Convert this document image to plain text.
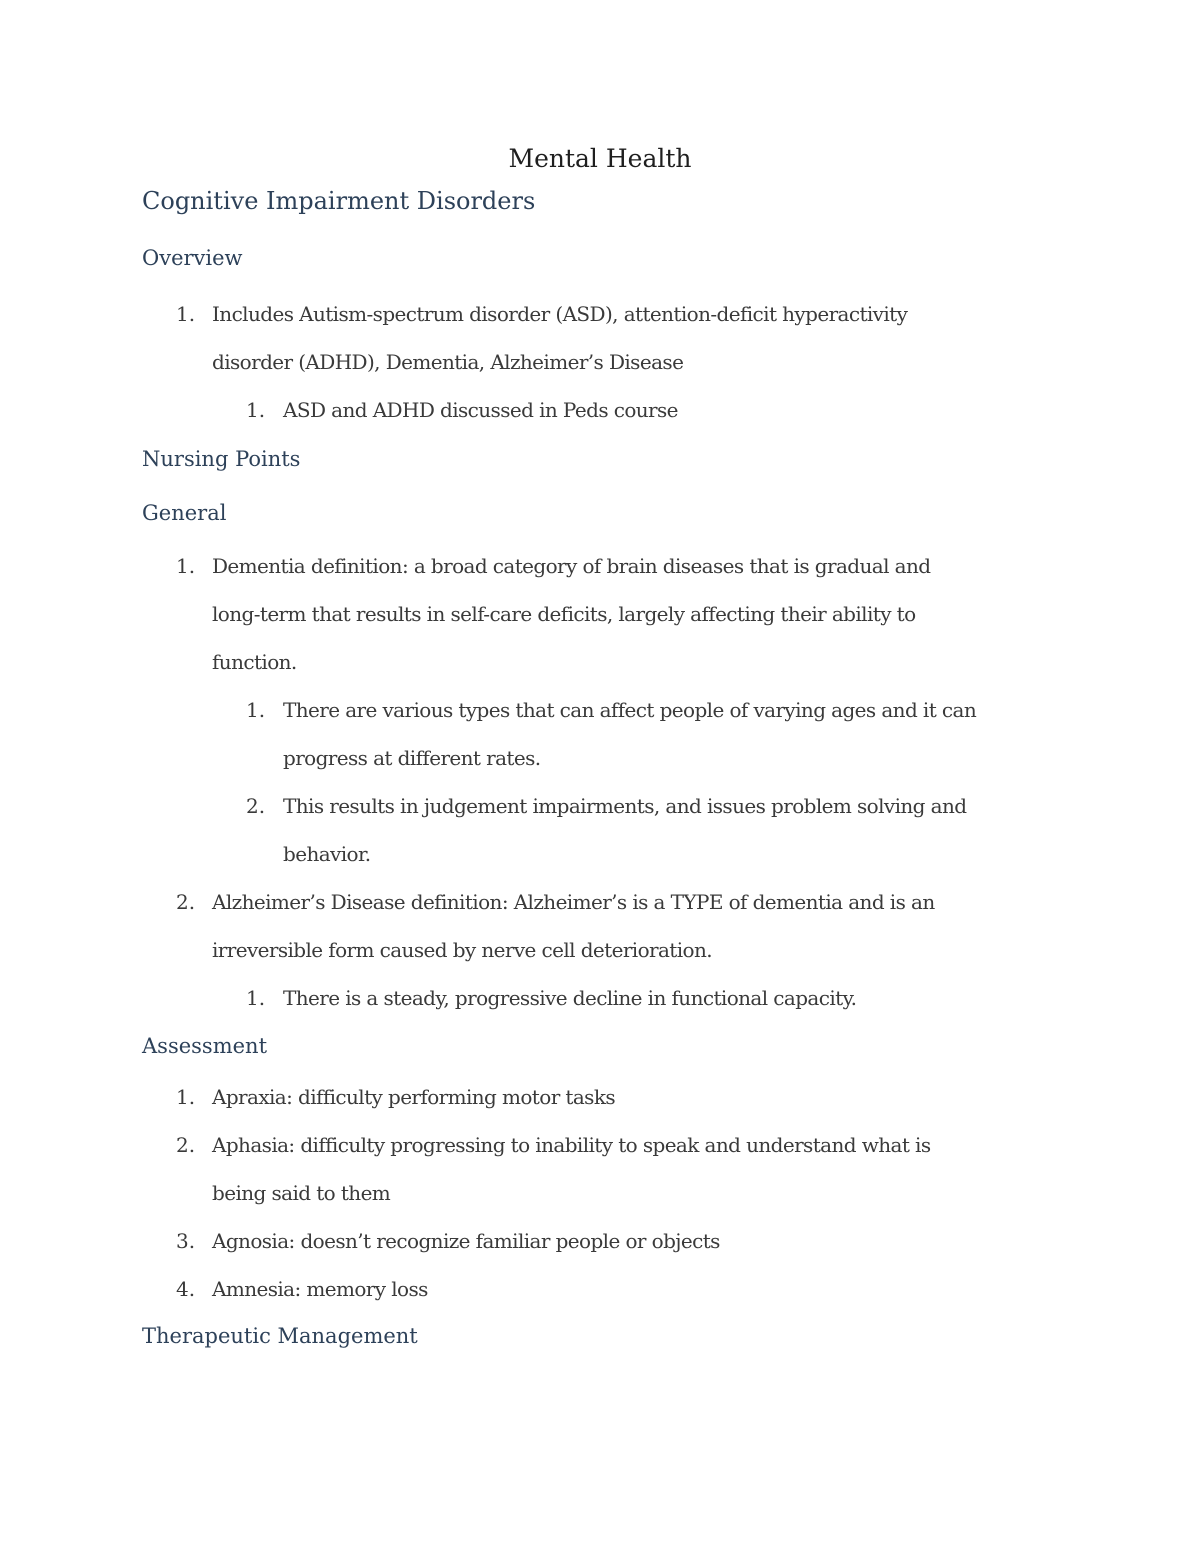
Mental Health
Cognitive Impairment Disorders
Overview
1. Includes Autism-spectrum disorder (ASD), attention-deficit hyperactivity
disorder (ADHD), Dementia, Alzheimer’s Disease
1. ASD and ADHD discussed in Peds course
Nursing Points
General
1. Dementia definition: a broad category of brain diseases that is gradual and
long-term that results in self-care deficits, largely affecting their ability to
function.
1. There are various types that can affect people of varying ages and it can
progress at different rates.
2. This results in judgement impairments, and issues problem solving and
behavior.
2. Alzheimer’s Disease definition: Alzheimer’s is a TYPE of dementia and is an
irreversible form caused by nerve cell deterioration.
1. There is a steady, progressive decline in functional capacity.
Assessment
1. Apraxia: difficulty performing motor tasks
2. Aphasia: difficulty progressing to inability to speak and understand what is
being said to them
3. Agnosia: doesn’t recognize familiar people or objects
4. Amnesia: memory loss
Therapeutic Management
